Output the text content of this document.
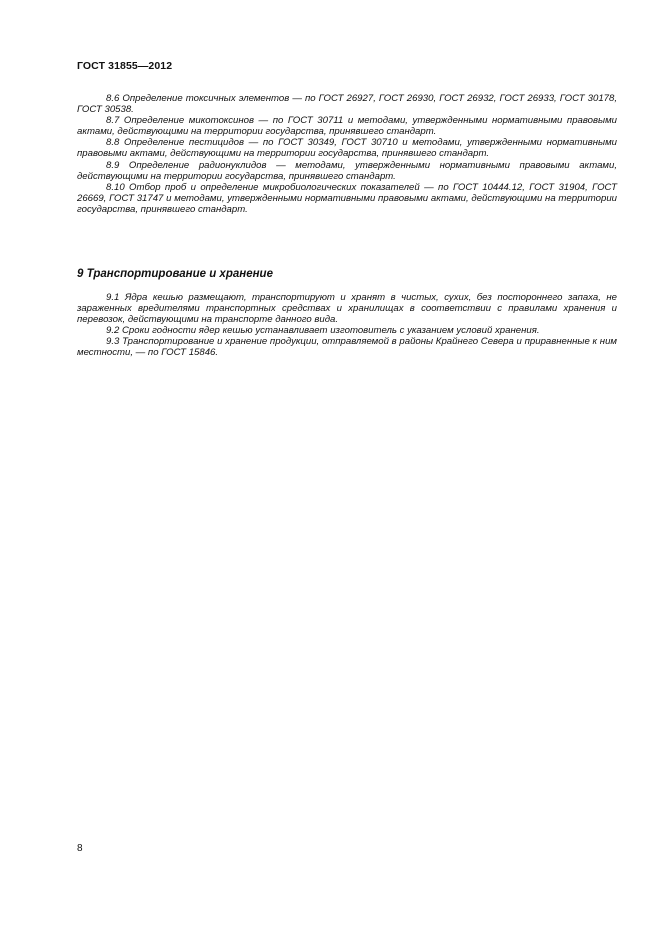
ГОСТ 31855—2012

8.6 Определение токсичных элементов — по ГОСТ 26927, ГОСТ 26930, ГОСТ 26932, ГОСТ 26933, ГОСТ 30178, ГОСТ 30538.

8.7 Определение микотоксинов — по ГОСТ 30711 и методами, утвержденными нормативными правовыми актами, действующими на территории государства, принявшего стандарт.

8.8 Определение пестицидов — по ГОСТ 30349, ГОСТ 30710 и методами, утвержденными нормативными правовыми актами, действующими на территории государства, принявшего стандарт.

8.9 Определение радионуклидов — методами, утвержденными нормативными правовыми актами, действующими на территории государства, принявшего стандарт.

8.10 Отбор проб и определение микробиологических показателей — по ГОСТ 10444.12, ГОСТ 31904, ГОСТ 26669, ГОСТ 31747 и методами, утвержденными нормативными правовыми актами, действующими на территории государства, принявшего стандарт.

9 Транспортирование и хранение

9.1 Ядра кешью размещают, транспортируют и хранят в чистых, сухих, без постороннего запаха, не зараженных вредителями транспортных средствах и хранилищах в соответствии с правилами хранения и перевозок, действующими на транспорте данного вида.

9.2 Сроки годности ядер кешью устанавливает изготовитель с указанием условий хранения.

9.3 Транспортирование и хранение продукции, отправляемой в районы Крайнего Севера и приравненные к ним местности, — по ГОСТ 15846.

8
